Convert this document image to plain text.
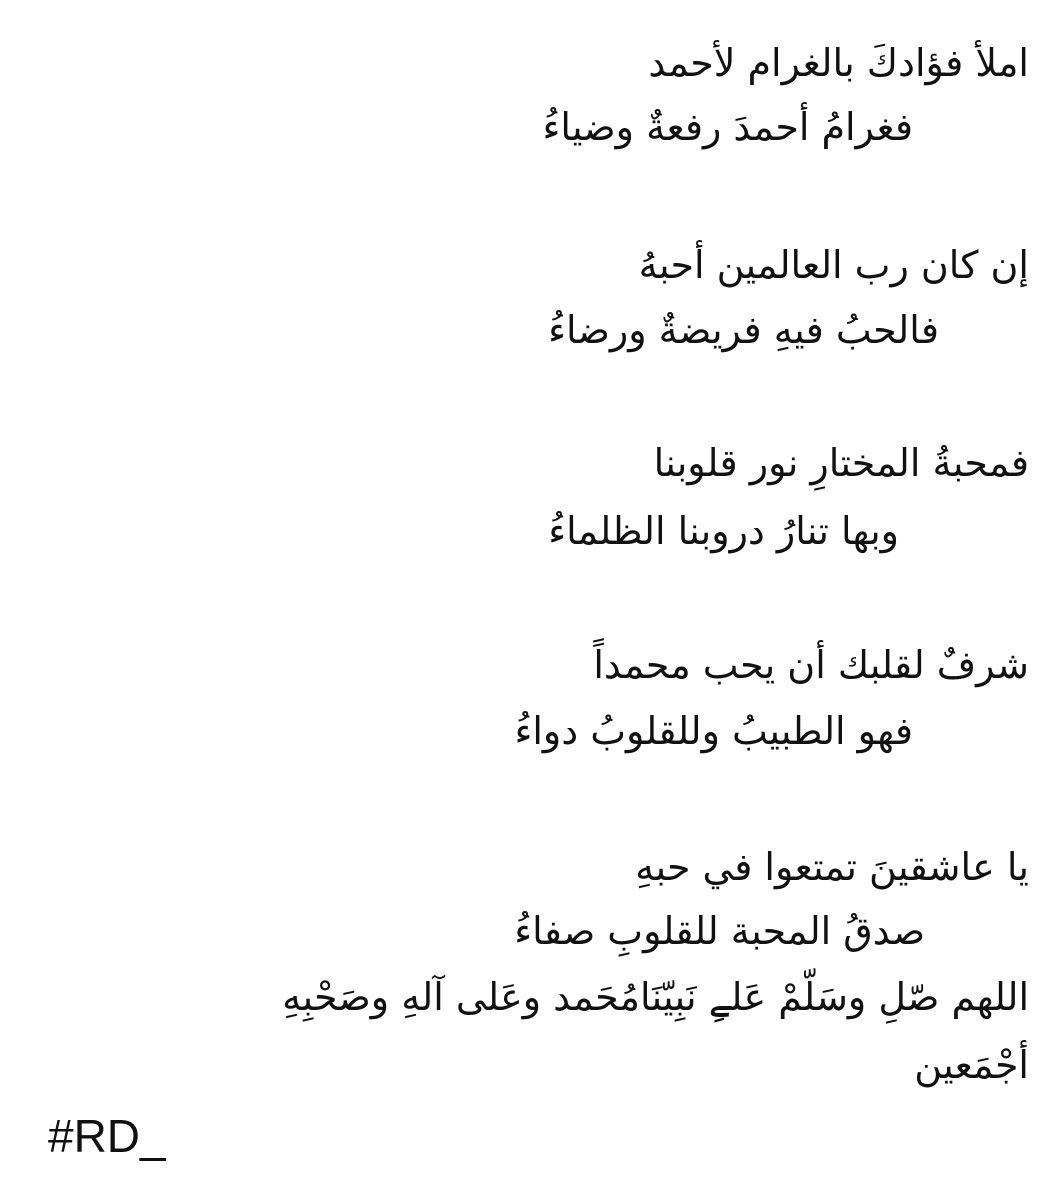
املأ فؤادكَ بالغرام لأحمد

فغرامُ أحمدَ رفعةٌ وضياءُ

إن كان رب العالمين أحبهُ

فالحبُ فيهِ فريضةٌ ورضاءُ

فمحبةُ المختارِ نور قلوبنا

وبها تنارُ دروبنا الظلماءُ

شرفٌ لقلبك أن يحب محمداً

فهو الطبيبُ وللقلوبُ دواءُ

يا عاشقينَ تمتعوا في حبهِ

صدقُ المحبة للقلوبِ صفاءُ

اللهم صّلِ وسَلّمْ عَلےِ نَبِيّنَامُحَمد وعَلى آلهِ وصَحْبِهِ

أجْمَعين

#RD_
